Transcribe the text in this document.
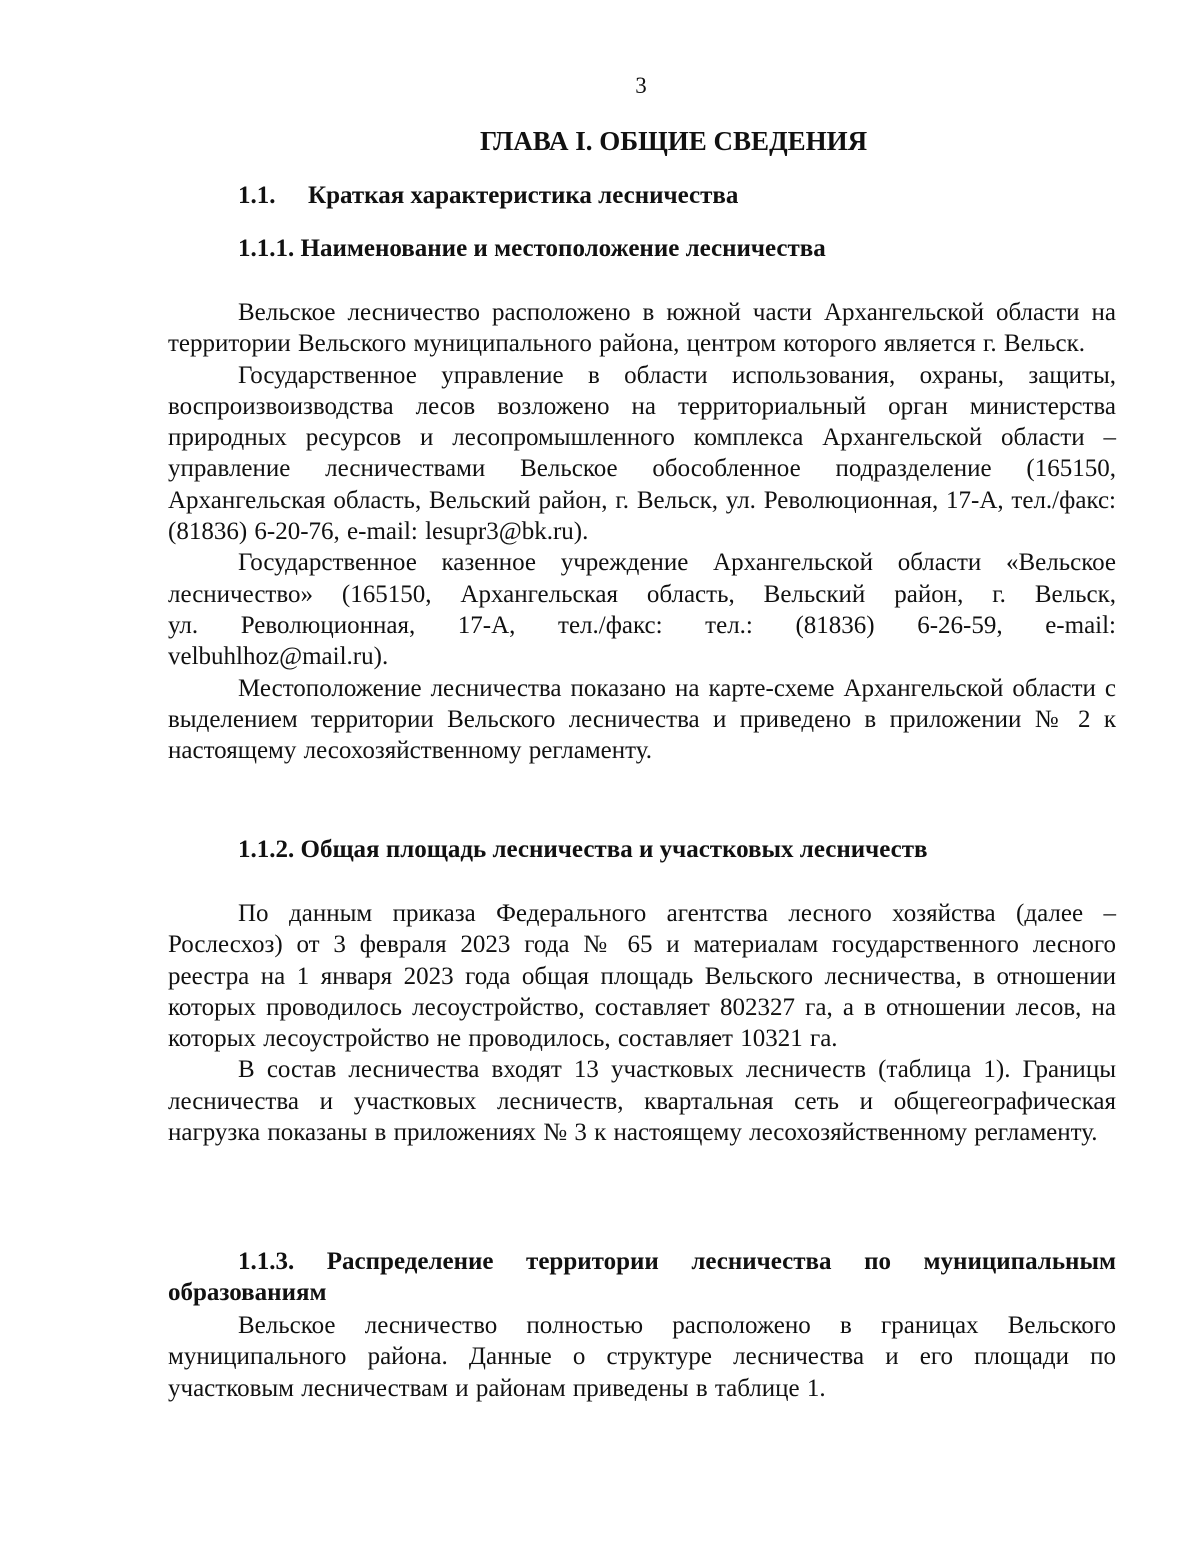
3
ГЛАВА I. ОБЩИЕ СВЕДЕНИЯ
1.1. Краткая характеристика лесничества
1.1.1. Наименование и местоположение лесничества

Вельское лесничество расположено в южной части Архангельской области на территории Вельского муниципального района, центром которого является г. Вельск.

Государственное управление в области использования, охраны, защиты, воспроизвоизводства лесов возложено на территориальный орган министерства природных ресурсов и лесопромышленного комплекса Архангельской области – управление лесничествами Вельское обособленное подразделение (165150, Архангельская область, Вельский район, г. Вельск, ул. Революционная, 17-А, тел./факс: (81836) 6-20-76, e-mail: lesupr3@bk.ru).

Государственное казенное учреждение Архангельской области «Вельское
лесничество» (165150, Архангельская область, Вельский район, г. Вельск,
ул. Революционная, 17-А, тел./факс: тел.: (81836) 6-26-59, e-mail:
velbuhlhoz@mail.ru).

Местоположение лесничества показано на карте-схеме Архангельской области с выделением территории Вельского лесничества и приведено в приложении № 2 к настоящему лесохозяйственному регламенту.

1.1.2. Общая площадь лесничества и участковых лесничеств

По данным приказа Федерального агентства лесного хозяйства (далее – Рослесхоз) от 3 февраля 2023 года № 65 и материалам государственного лесного реестра на 1 января 2023 года общая площадь Вельского лесничества, в отношении которых проводилось лесоустройство, составляет 802327 га, а в отношении лесов, на которых лесоустройство не проводилось, составляет 10321 га.

В состав лесничества входят 13 участковых лесничеств (таблица 1). Границы лесничества и участковых лесничеств, квартальная сеть и общегеографическая нагрузка показаны в приложениях № 3 к настоящему лесохозяйственному регламенту.

1.1.3. Распределение территории лесничества по муниципальным образованиям

Вельское лесничество полностью расположено в границах Вельского муниципального района. Данные о структуре лесничества и его площади по участковым лесничествам и районам приведены в таблице 1.
